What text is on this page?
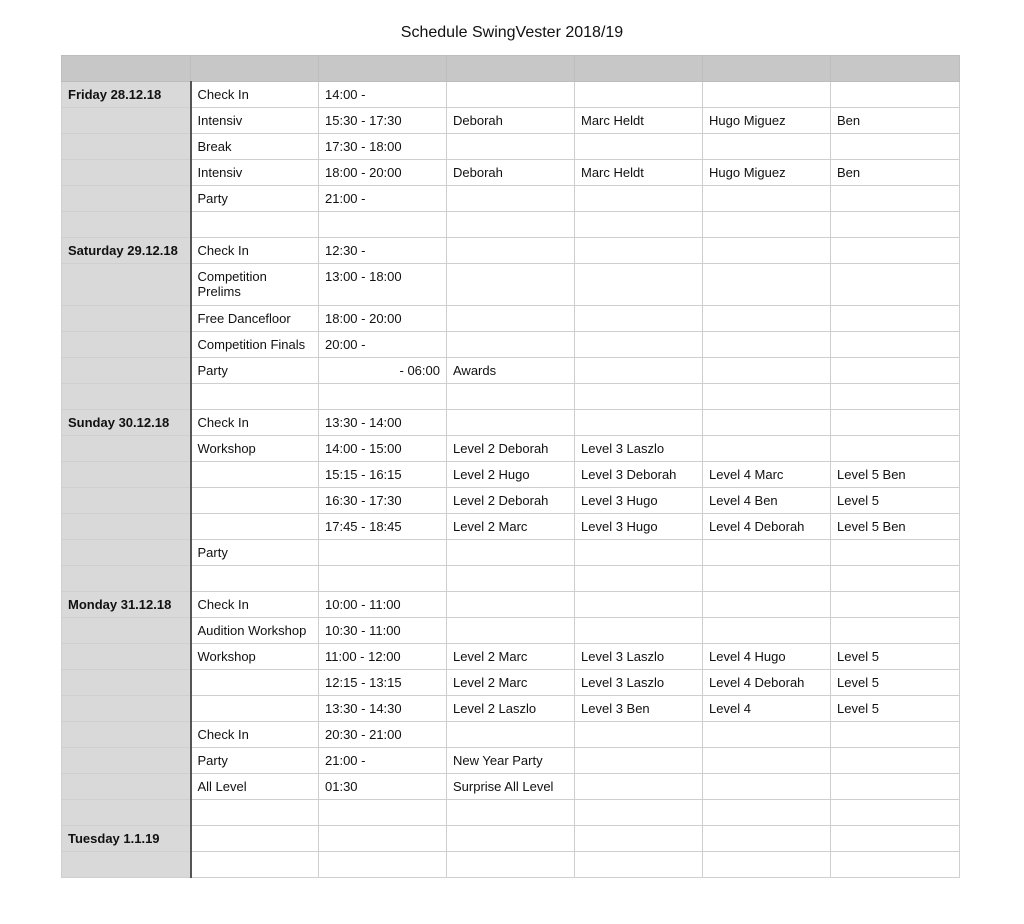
Schedule SwingVester 2018/19

Friday 28.12.18	Check In	14:00 -				
	Intensiv	15:30 - 17:30	Deborah	Marc Heldt	Hugo Miguez	Ben
	Break	17:30 - 18:00				
	Intensiv	18:00 - 20:00	Deborah	Marc Heldt	Hugo Miguez	Ben
	Party	21:00 -				

Saturday 29.12.18	Check In	12:30 -				
	Competition Prelims	13:00 - 18:00				
	Free Dancefloor	18:00 - 20:00				
	Competition Finals	20:00 -				
	Party	- 06:00	Awards			

Sunday 30.12.18	Check In	13:30 - 14:00				
	Workshop	14:00 - 15:00	Level 2 Deborah	Level 3 Laszlo		
		15:15 - 16:15	Level 2 Hugo	Level 3 Deborah	Level 4 Marc	Level 5 Ben
		16:30 - 17:30	Level 2 Deborah	Level 3 Hugo	Level 4 Ben	Level 5
		17:45 - 18:45	Level 2 Marc	Level 3 Hugo	Level 4 Deborah	Level 5 Ben
	Party					

Monday 31.12.18	Check In	10:00 - 11:00				
	Audition Workshop	10:30 - 11:00				
	Workshop	11:00 - 12:00	Level 2 Marc	Level 3 Laszlo	Level 4 Hugo	Level 5
		12:15 - 13:15	Level 2 Marc	Level 3 Laszlo	Level 4 Deborah	Level 5
		13:30 - 14:30	Level 2 Laszlo	Level 3 Ben	Level 4	Level 5
	Check In	20:30 - 21:00				
	Party	21:00 -	New Year Party			
	All Level	01:30	Surprise All Level			

Tuesday 1.1.19						
